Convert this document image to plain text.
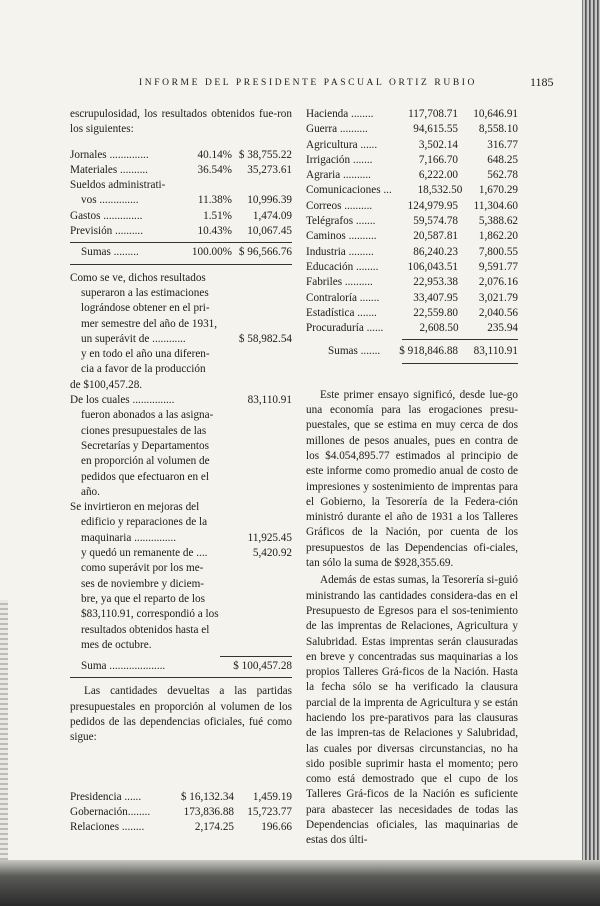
INFORME DEL PRESIDENTE PASCUAL ORTIZ RUBIO	1185

escrupulosidad, los resultados obtenidos fue-ron los siguientes:

Jornales ..............	40.14% $ 38,755.22
Materiales ..........	36.54%	35,273.61
Sueldos administrati-
vos ..............	11.38%	10,996.39
Gastos ..............	1.51%	1,474.09
Previsión ..........	10.43%	10,067.45
Sumas .........	100.00% $ 96,566.76
Como se ve, dichos resultados
superaron a las estimaciones
lográndose obtener en el pri-
mer semestre del año de 1931,
un superávit de ............	$ 58,982.54
y en todo el año una diferen-
cia a favor de la producción
de $100,457.28.
De los cuales ...............	83,110.91
fueron abonados a las asigna-
ciones presupuestales de las
Secretarías y Departamentos
en proporción al volumen de
pedidos que efectuaron en el
año.
Se invirtieron en mejoras del
edificio y reparaciones de la
maquinaria ...............	11,925.45
y quedó un remanente de ....	5,420.92
como superávit por los me-
ses de noviembre y diciem-
bre, ya que el reparto de los
$83,110.91, correspondió a los
resultados obtenidos hasta el
mes de octubre.
Suma ....................	$ 100,457.28

Las cantidades devueltas a las partidas presupuestales en proporción al volumen de los pedidos de las dependencias oficiales, fué como sigue:

Presidencia ......	$ 16,132.34	1,459.19
Gobernación........	173,836.88	15,723.77
Relaciones ........	2,174.25	196.66
Hacienda ........	117,708.71	10,646.91
Guerra ..........	94,615.55	8,558.10
Agricultura ......	3,502.14	316.77
Irrigación .......	7,166.70	648.25
Agraria ..........	6,222.00	562.78
Comunicaciones ...	18,532.50	1,670.29
Correos ..........	124,979.95	11,304.60
Telégrafos .......	59,574.78	5,388.62
Caminos ..........	20,587.81	1,862.20
Industria .........	86,240.23	7,800.55
Educación ........	106,043.51	9,591.77
Fabriles ..........	22,953.38	2,076.16
Contraloría .......	33,407.95	3,021.79
Estadística .......	22,559.80	2,040.56
Procuraduría ......	2,608.50	235.94
Sumas .......	$ 918,846.88	83,110.91

Este primer ensayo significó, desde lue-go una economía para las erogaciones presu-puestales, que se estima en muy cerca de dos millones de pesos anuales, pues en contra de los $4.054,895.77 estimados al principio de este informe como promedio anual de costo de impresiones y sostenimiento de imprentas para el Gobierno, la Tesorería de la Federa-ción ministró durante el año de 1931 a los Talleres Gráficos de la Nación, por cuenta de los presupuestos de las Dependencias ofi-ciales, tan sólo la suma de $928,355.69.

Además de estas sumas, la Tesorería si-guió ministrando las cantidades considera-das en el Presupuesto de Egresos para el sos-tenimiento de las imprentas de Relaciones, Agricultura y Salubridad. Estas imprentas serán clausuradas en breve y concentradas sus maquinarias a los propios Talleres Grá-ficos de la Nación. Hasta la fecha sólo se ha verificado la clausura parcial de la imprenta de Agricultura y se están haciendo los pre-parativos para las clausuras de las impren-tas de Relaciones y Salubridad, las cuales por diversas circunstancias, no ha sido posible suprimir hasta el momento; pero como está demostrado que el cupo de los Talleres Grá-ficos de la Nación es suficiente para abastecer las necesidades de todas las Dependencias oficiales, las maquinarias de estas dos últi-
